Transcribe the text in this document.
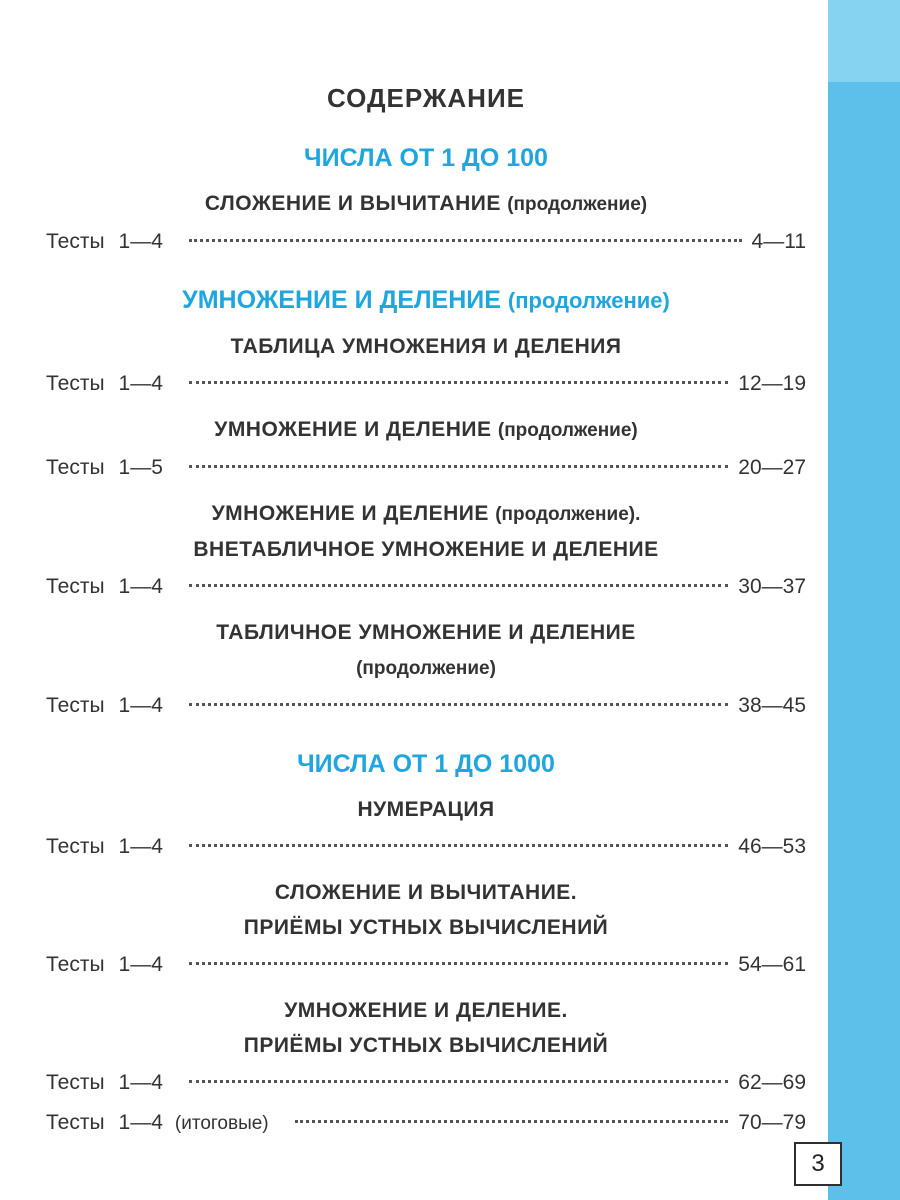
СОДЕРЖАНИЕ
ЧИСЛА ОТ 1 ДО 100
СЛОЖЕНИЕ И ВЫЧИТАНИЕ (продолжение)
Тесты 1—4	4—11
УМНОЖЕНИЕ И ДЕЛЕНИЕ (продолжение)
ТАБЛИЦА УМНОЖЕНИЯ И ДЕЛЕНИЯ
Тесты 1—4	12—19
УМНОЖЕНИЕ И ДЕЛЕНИЕ (продолжение)
Тесты 1—5	20—27
УМНОЖЕНИЕ И ДЕЛЕНИЕ (продолжение).
ВНЕТАБЛИЧНОЕ УМНОЖЕНИЕ И ДЕЛЕНИЕ
Тесты 1—4	30—37
ТАБЛИЧНОЕ УМНОЖЕНИЕ И ДЕЛЕНИЕ
(продолжение)
Тесты 1—4	38—45
ЧИСЛА ОТ 1 ДО 1000
НУМЕРАЦИЯ
Тесты 1—4	46—53
СЛОЖЕНИЕ И ВЫЧИТАНИЕ.
ПРИЁМЫ УСТНЫХ ВЫЧИСЛЕНИЙ
Тесты 1—4	54—61
УМНОЖЕНИЕ И ДЕЛЕНИЕ.
ПРИЁМЫ УСТНЫХ ВЫЧИСЛЕНИЙ
Тесты 1—4	62—69
Тесты 1—4 (итоговые)	70—79
3
